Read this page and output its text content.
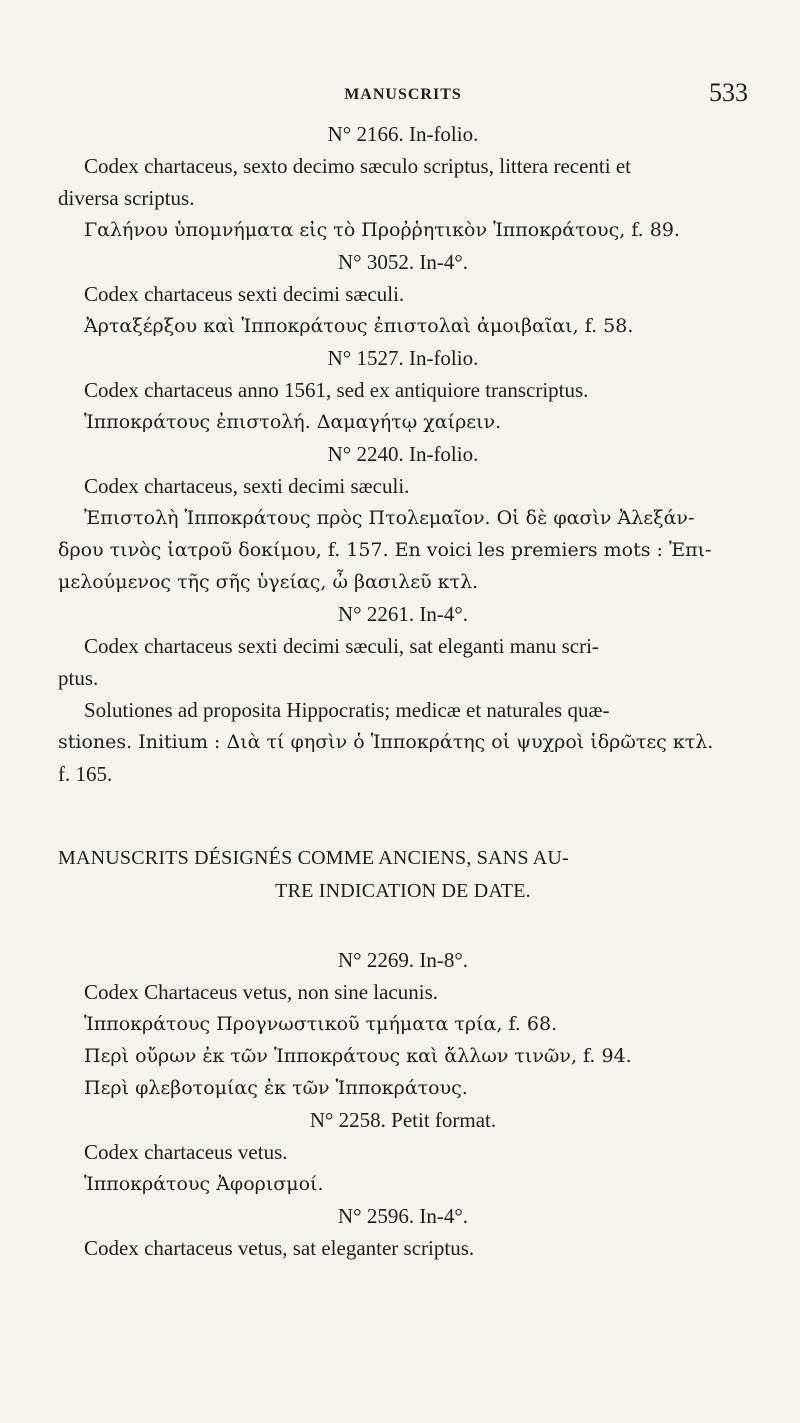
MANUSCRITS	533

N° 2166. In-folio.

Codex chartaceus, sexto decimo sæculo scriptus, littera recenti et

diversa scriptus.

Γαλήνου ὑπομνήματα εἰς τὸ Προῤῥητικὸν Ἱπποκράτους, f. 89.

N° 3052. In-4°.

Codex chartaceus sexti decimi sæculi.

Ἀρταξέρξου καὶ Ἱπποκράτους ἐπιστολαὶ ἀμοιβαῖαι, f. 58.

N° 1527. In-folio.

Codex chartaceus anno 1561, sed ex antiquiore transcriptus.

Ἱπποκράτους ἐπιστολή. Δαμαγήτῳ χαίρειν.

N° 2240. In-folio.

Codex chartaceus, sexti decimi sæculi.

Ἐπιστολὴ Ἱπποκράτους πρὸς Πτολεμαῖον. Οἱ δὲ φασὶν Ἀλεξάν-

δρου τινὸς ἰατροῦ δοκίμου, f. 157. En voici les premiers mots : Ἐπι-

μελούμενος τῆς σῆς ὑγείας, ὦ βασιλεῦ κτλ.

N° 2261. In-4°.

Codex chartaceus sexti decimi sæculi, sat eleganti manu scri-

ptus.

Solutiones ad proposita Hippocratis; medicæ et naturales quæ-

stiones. Initium : Διὰ τί φησὶν ὁ Ἱπποκράτης οἱ ψυχροὶ ἱδρῶτες κτλ.

f. 165.

MANUSCRITS DÉSIGNÉS COMME ANCIENS, SANS AU-
TRE INDICATION DE DATE.

N° 2269. In-8°.

Codex Chartaceus vetus, non sine lacunis.

Ἱπποκράτους Προγνωστικοῦ τμήματα τρία, f. 68.

Περὶ οὔρων ἐκ τῶν Ἱπποκράτους καὶ ἄλλων τινῶν, f. 94.

Περὶ φλεβοτομίας ἐκ τῶν Ἱπποκράτους.

N° 2258. Petit format.

Codex chartaceus vetus.

Ἱπποκράτους Ἀφορισμοί.

N° 2596. In-4°.

Codex chartaceus vetus, sat eleganter scriptus.
